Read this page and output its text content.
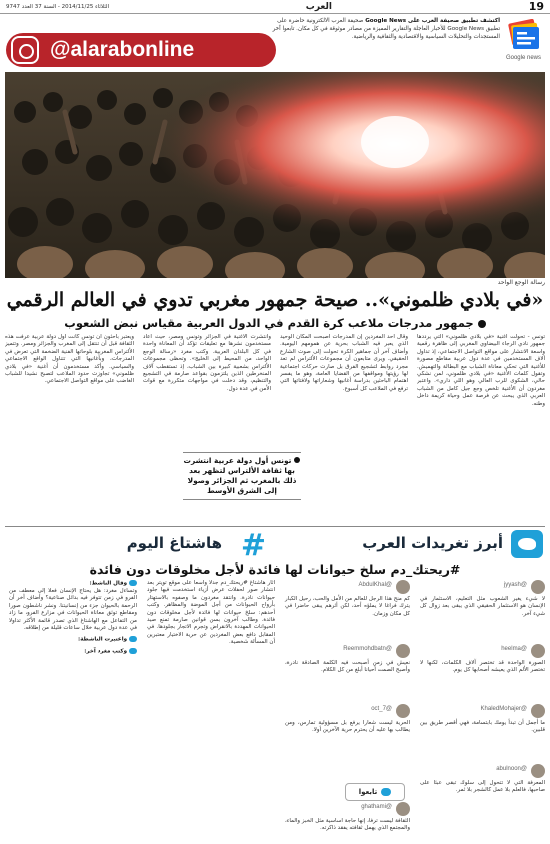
19
العرب
الثلاثاء 2014/11/25 - السنة 37 العدد 9747
@alarabonline
اكتشف تطبيق صحيفة العرب على Google News صحيفة العرب الالكترونية حاضرة على تطبيق Google News للأخبار العاجلة والتقارير المميزة من مصادر موثوقة في كل مكان. تابعوا آخر المستجدات والتحليلات السياسية والاقتصادية والثقافية والرياضية.
Google news
رسالة الوجع الواحد
«في بلادي ظلموني».. صيحة جمهور مغربي تدوي في العالم الرقمي
جمهور مدرجات ملاعب كرة القدم في الدول العربية مقياس نبض الشعوب
تونس - تحولت أغنية «في بلادي ظلموني» التي يرددها جمهور نادي الرجاء البيضاوي المغربي إلى ظاهرة رقمية واسعة الانتشار على مواقع التواصل الاجتماعي، إذ تداول آلاف المستخدمين في عدة دول عربية مقاطع مصورة للأغنية التي تحكي معاناة الشباب مع البطالة والتهميش. وتقول كلمات الأغنية «في بلادي ظلموني، لمن نشكي حالي، الشكوى للرب العالي وهو اللي داري». واعتبر مغردون أن الأغنية تلخص وجع جيل كامل من الشباب العربي الذي يبحث عن فرصة عمل وحياة كريمة داخل وطنه.
وقال أحد المغردين إن المدرجات أصبحت المكان الوحيد الذي يعبر فيه الشباب بحرية عن همومهم اليومية. وأضاف آخر أن جماهير الكرة تحولت إلى صوت الشارع الحقيقي. ويرى متابعون أن مجموعات الألتراس لم تعد مجرد روابط لتشجيع الفرق بل صارت حركات اجتماعية لها رؤيتها ومواقفها من القضايا العامة، وهو ما يفسر اهتمام الباحثين بدراسة أغانيها وشعاراتها ولافتاتها التي ترفع في الملاعب كل أسبوع.
وانتشرت الأغنية في الجزائر وتونس ومصر، حيث أعاد مستخدمون نشرها مع تعليقات تؤكد أن المعاناة واحدة في كل البلدان العربية. وكتب مغرد «رسالة الوجع الواحد، من المحيط إلى الخليج». وتحظى مجموعات الألتراس بشعبية كبيرة بين الشباب، إذ تستقطب آلاف المنخرطين الذين يلتزمون بقواعد صارمة في التشجيع والتنظيم، وقد دخلت في مواجهات متكررة مع قوات الأمن في عدة دول.
ويعتبر باحثون أن تونس كانت أول دولة عربية عرفت هذه الثقافة قبل أن تنتقل إلى المغرب والجزائر ومصر. وتتميز الألتراس المغربية بلوحاتها الفنية الضخمة التي تعرض في المدرجات، وبأغانيها التي تتناول الواقع الاجتماعي والسياسي. وأكد مستخدمون أن أغنية «في بلادي ظلموني» تجاوزت حدود الملاعب لتصبح نشيدا للشباب الغاضب على مواقع التواصل الاجتماعي.
تونس أول دولة عربية انتشرت بها ثقافة الألتراس لتظهر بعد ذلك بالمغرب ثم الجزائر وصولا إلى الشرق الأوسط
أبرز تغريدات العرب
#
هاشتاغ اليوم
#ريحتك_دم سلخ حيوانات لها فائدة لأجل مخلوقات دون فائدة
@jyyash
لا شيء يغير الشعوب مثل التعليم، الاستثمار في الإنسان هو الاستثمار الحقيقي الذي يبقى بعد زوال كل شيء آخر.
@AbdulKhal
كم منح هذا الرجل للعالم من الأمل والحب، رحيل الكبار يترك فراغا لا يملؤه أحد، لكن أثرهم يبقى حاضرا في كل مكان وزمان.
@heelma
الصورة الواحدة قد تختصر آلاف الكلمات، لكنها لا تختصر الألم الذي يعيشه أصحابها كل يوم.
@Reemmohdbatn
نعيش في زمن أصبحت فيه الكلمة الصادقة نادرة، وأصبح الصمت أحيانا أبلغ من كل الكلام.
@KhaledMohajer
ما أجمل أن تبدأ يومك بابتسامة، فهي أقصر طريق بين قلبين.
@7_oct
الحرية ليست شعارا يرفع بل مسؤولية تمارس، ومن يطالب بها عليه أن يحترم حرية الآخرين أولا.
@abulnoon
المعرفة التي لا تتحول إلى سلوك تبقى عبئا على صاحبها، فالعلم بلا عمل كالشجر بلا ثمر.
@ghathami
الثقافة ليست ترفا، إنها حاجة أساسية مثل الخبز والماء، والمجتمع الذي يهمل ثقافته يفقد ذاكرته.
تابعوا
أثار هاشتاغ #ريحتك_دم جدلا واسعا على موقع تويتر بعد انتشار صور لحفلات عرض أزياء استخدمت فيها جلود حيوانات نادرة. وانتقد مغردون ما وصفوه بالاستهتار بأرواح الحيوانات من أجل الموضة والمظاهر. وكتب أحدهم: سلخ حيوانات لها فائدة لأجل مخلوقات دون فائدة. وطالب آخرون بسن قوانين صارمة تمنع صيد الحيوانات المهددة بالانقراض وتجرم الاتجار بجلودها. في المقابل دافع بعض المغردين عن حرية الاختيار معتبرين أن المسألة شخصية.
وقال الناشط:
وتساءل مغرد: هل يحتاج الإنسان فعلا إلى معطف من الفرو في زمن تتوفر فيه بدائل صناعية؟ وأضاف آخر أن الرحمة بالحيوان جزء من إنسانيتنا. ونشر ناشطون صورا ومقاطع توثق معاناة الحيوانات في مزارع الفرو، ما زاد من التفاعل مع الهاشتاغ الذي تصدر قائمة الأكثر تداولا في عدة دول عربية خلال ساعات قليلة من إطلاقه.
واعتبرت الناشطة:
وكتب مغرد آخر:
